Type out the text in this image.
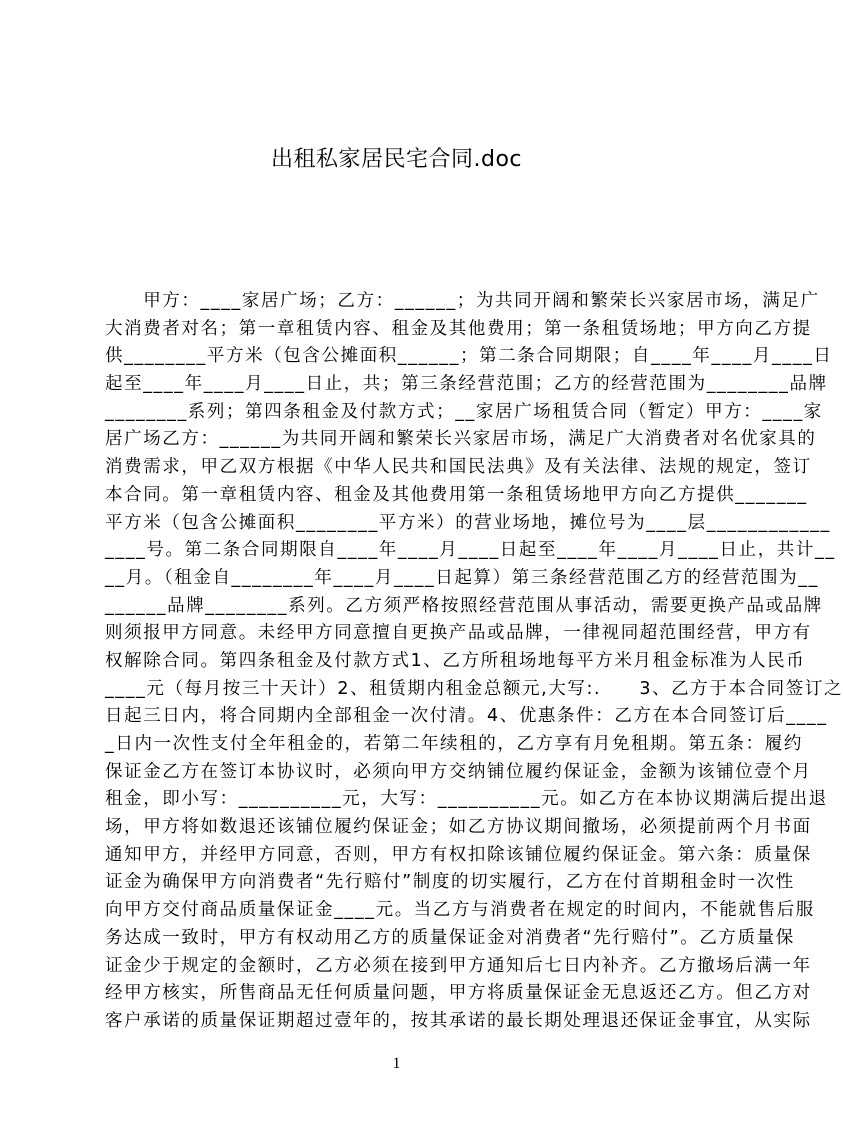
出租私家居民宅合同.doc
　　甲方：____家居广场；乙方：______；为共同开阔和繁荣长兴家居市场，满足广
大消费者对名；第一章租赁内容、租金及其他费用；第一条租赁场地；甲方向乙方提
供________平方米（包含公摊面积______；第二条合同期限；自____年____月____日
起至____年____月____日止，共；第三条经营范围；乙方的经营范围为________品牌
________系列；第四条租金及付款方式；__家居广场租赁合同（暂定）甲方：____家
居广场乙方：______为共同开阔和繁荣长兴家居市场，满足广大消费者对名优家具的
消费需求，甲乙双方根据《中华人民共和国民法典》及有关法律、法规的规定，签订
本合同。第一章租赁内容、租金及其他费用第一条租赁场地甲方向乙方提供_______
平方米（包含公摊面积________平方米）的营业场地，摊位号为____层____________
____号。第二条合同期限自____年____月____日起至____年____月____日止，共计__
__月。（租金自________年____月____日起算）第三条经营范围乙方的经营范围为__
______品牌________系列。乙方须严格按照经营范围从事活动，需要更换产品或品牌
则须报甲方同意。未经甲方同意擅自更换产品或品牌，一律视同超范围经营，甲方有
权解除合同。第四条租金及付款方式1、乙方所租场地每平方米月租金标准为人民币
____元（每月按三十天计）2、租赁期内租金总额元,大写:.　　3、乙方于本合同签订之
日起三日内，将合同期内全部租金一次付清。4、优惠条件：乙方在本合同签订后____
_日内一次性支付全年租金的，若第二年续租的，乙方享有月免租期。第五条：履约
保证金乙方在签订本协议时，必须向甲方交纳铺位履约保证金，金额为该铺位壹个月
租金，即小写：__________元，大写：__________元。如乙方在本协议期满后提出退
场，甲方将如数退还该铺位履约保证金；如乙方协议期间撤场，必须提前两个月书面
通知甲方，并经甲方同意，否则，甲方有权扣除该铺位履约保证金。第六条：质量保
证金为确保甲方向消费者“先行赔付”制度的切实履行，乙方在付首期租金时一次性
向甲方交付商品质量保证金____元。当乙方与消费者在规定的时间内，不能就售后服
务达成一致时，甲方有权动用乙方的质量保证金对消费者“先行赔付”。乙方质量保
证金少于规定的金额时，乙方必须在接到甲方通知后七日内补齐。乙方撤场后满一年
经甲方核实，所售商品无任何质量问题，甲方将质量保证金无息返还乙方。但乙方对
客户承诺的质量保证期超过壹年的，按其承诺的最长期处理退还保证金事宜，从实际
1
